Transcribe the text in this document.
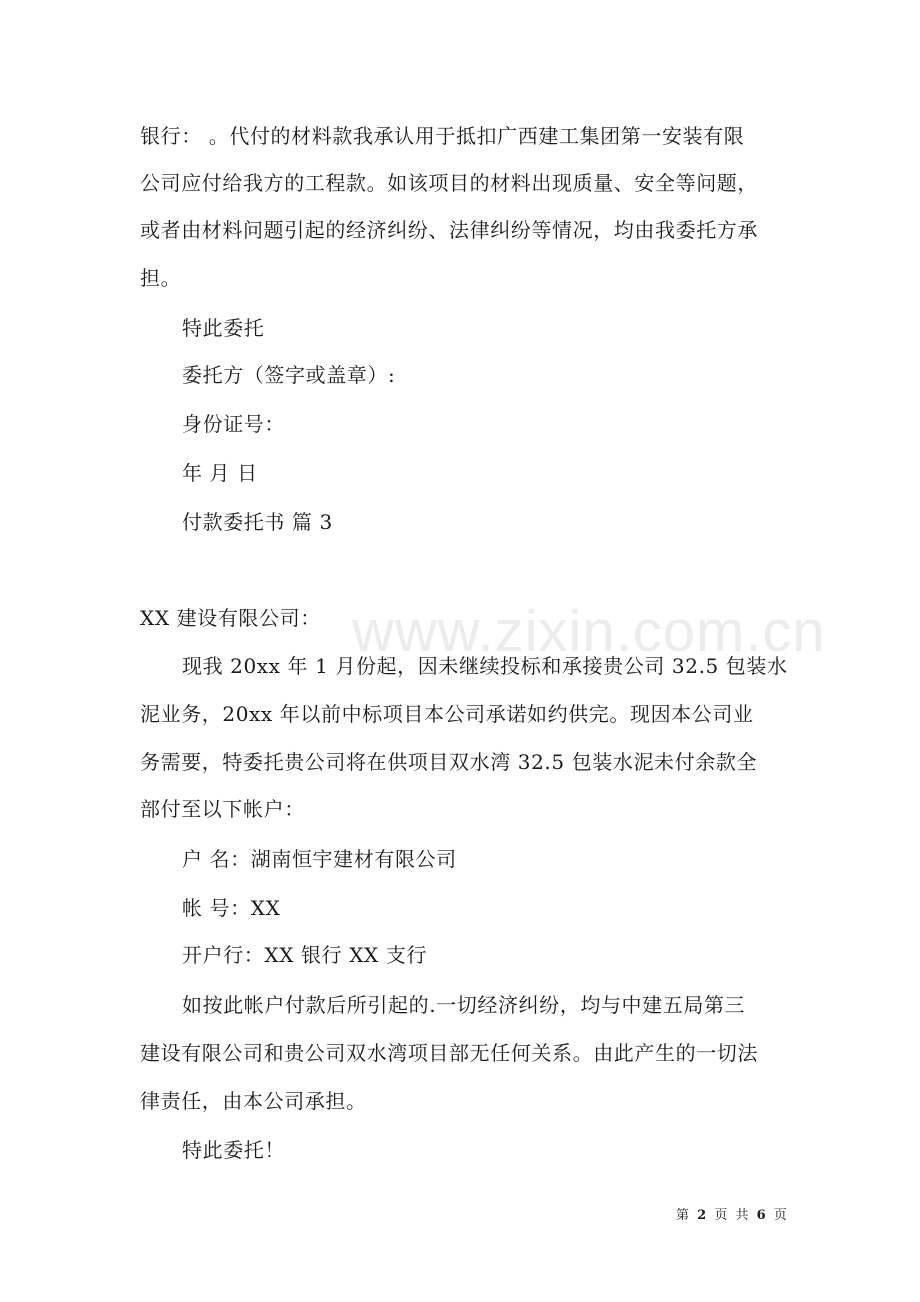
www.zixin.com.cn
银行： 。代付的材料款我承认用于抵扣广西建工集团第一安装有限
公司应付给我方的工程款。如该项目的材料出现质量、安全等问题，
或者由材料问题引起的经济纠纷、法律纠纷等情况，均由我委托方承
担。
特此委托
委托方（签字或盖章）:
身份证号：
年 月 日
付款委托书 篇 3
XX 建设有限公司：
现我 20xx 年 1 月份起，因未继续投标和承接贵公司 32.5 包装水
泥业务，20xx 年以前中标项目本公司承诺如约供完。现因本公司业
务需要，特委托贵公司将在供项目双水湾 32.5 包装水泥未付余款全
部付至以下帐户：
户 名：湖南恒宇建材有限公司
帐 号：XX
开户行：XX 银行 XX 支行
如按此帐户付款后所引起的.一切经济纠纷，均与中建五局第三
建设有限公司和贵公司双水湾项目部无任何关系。由此产生的一切法
律责任，由本公司承担。
特此委托！
第 2 页 共 6 页
